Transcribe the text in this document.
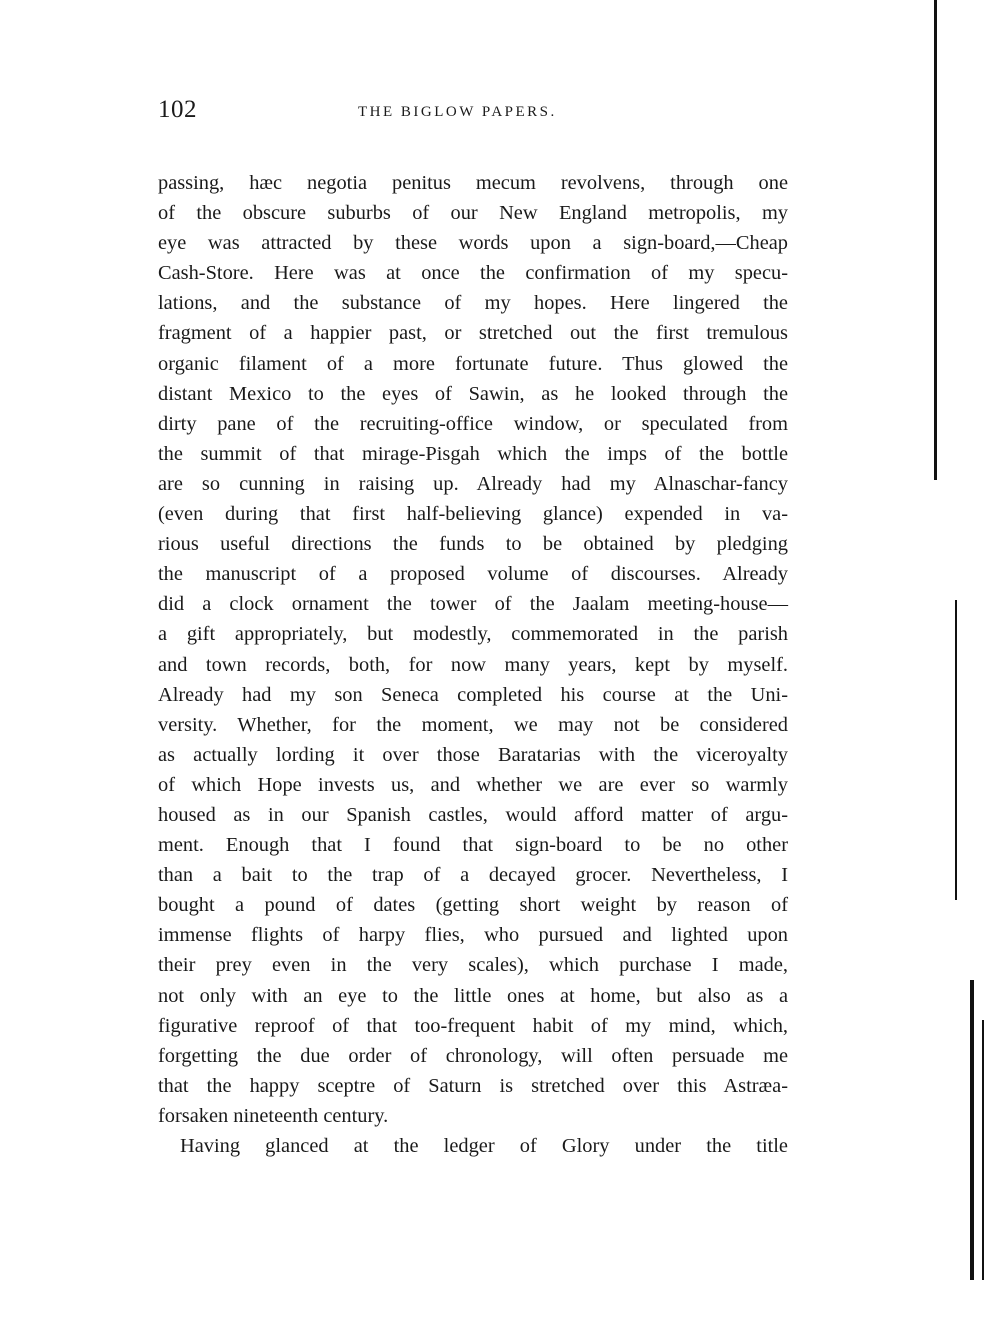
102	THE BIGLOW PAPERS.
passing, hæc negotia penitus mecum revolvens, through one
of the obscure suburbs of our New England metropolis, my
eye was attracted by these words upon a sign-board,—Cheap
Cash-Store. Here was at once the confirmation of my specu-
lations, and the substance of my hopes. Here lingered the
fragment of a happier past, or stretched out the first tremulous
organic filament of a more fortunate future. Thus glowed the
distant Mexico to the eyes of Sawin, as he looked through the
dirty pane of the recruiting-office window, or speculated from
the summit of that mirage-Pisgah which the imps of the bottle
are so cunning in raising up. Already had my Alnaschar-fancy
(even during that first half-believing glance) expended in va-
rious useful directions the funds to be obtained by pledging
the manuscript of a proposed volume of discourses. Already
did a clock ornament the tower of the Jaalam meeting-house—
a gift appropriately, but modestly, commemorated in the parish
and town records, both, for now many years, kept by myself.
Already had my son Seneca completed his course at the Uni-
versity. Whether, for the moment, we may not be considered
as actually lording it over those Baratarias with the viceroyalty
of which Hope invests us, and whether we are ever so warmly
housed as in our Spanish castles, would afford matter of argu-
ment. Enough that I found that sign-board to be no other
than a bait to the trap of a decayed grocer. Nevertheless, I
bought a pound of dates (getting short weight by reason of
immense flights of harpy flies, who pursued and lighted upon
their prey even in the very scales), which purchase I made,
not only with an eye to the little ones at home, but also as a
figurative reproof of that too-frequent habit of my mind, which,
forgetting the due order of chronology, will often persuade me
that the happy sceptre of Saturn is stretched over this Astræa-
forsaken nineteenth century.
Having glanced at the ledger of Glory under the title
